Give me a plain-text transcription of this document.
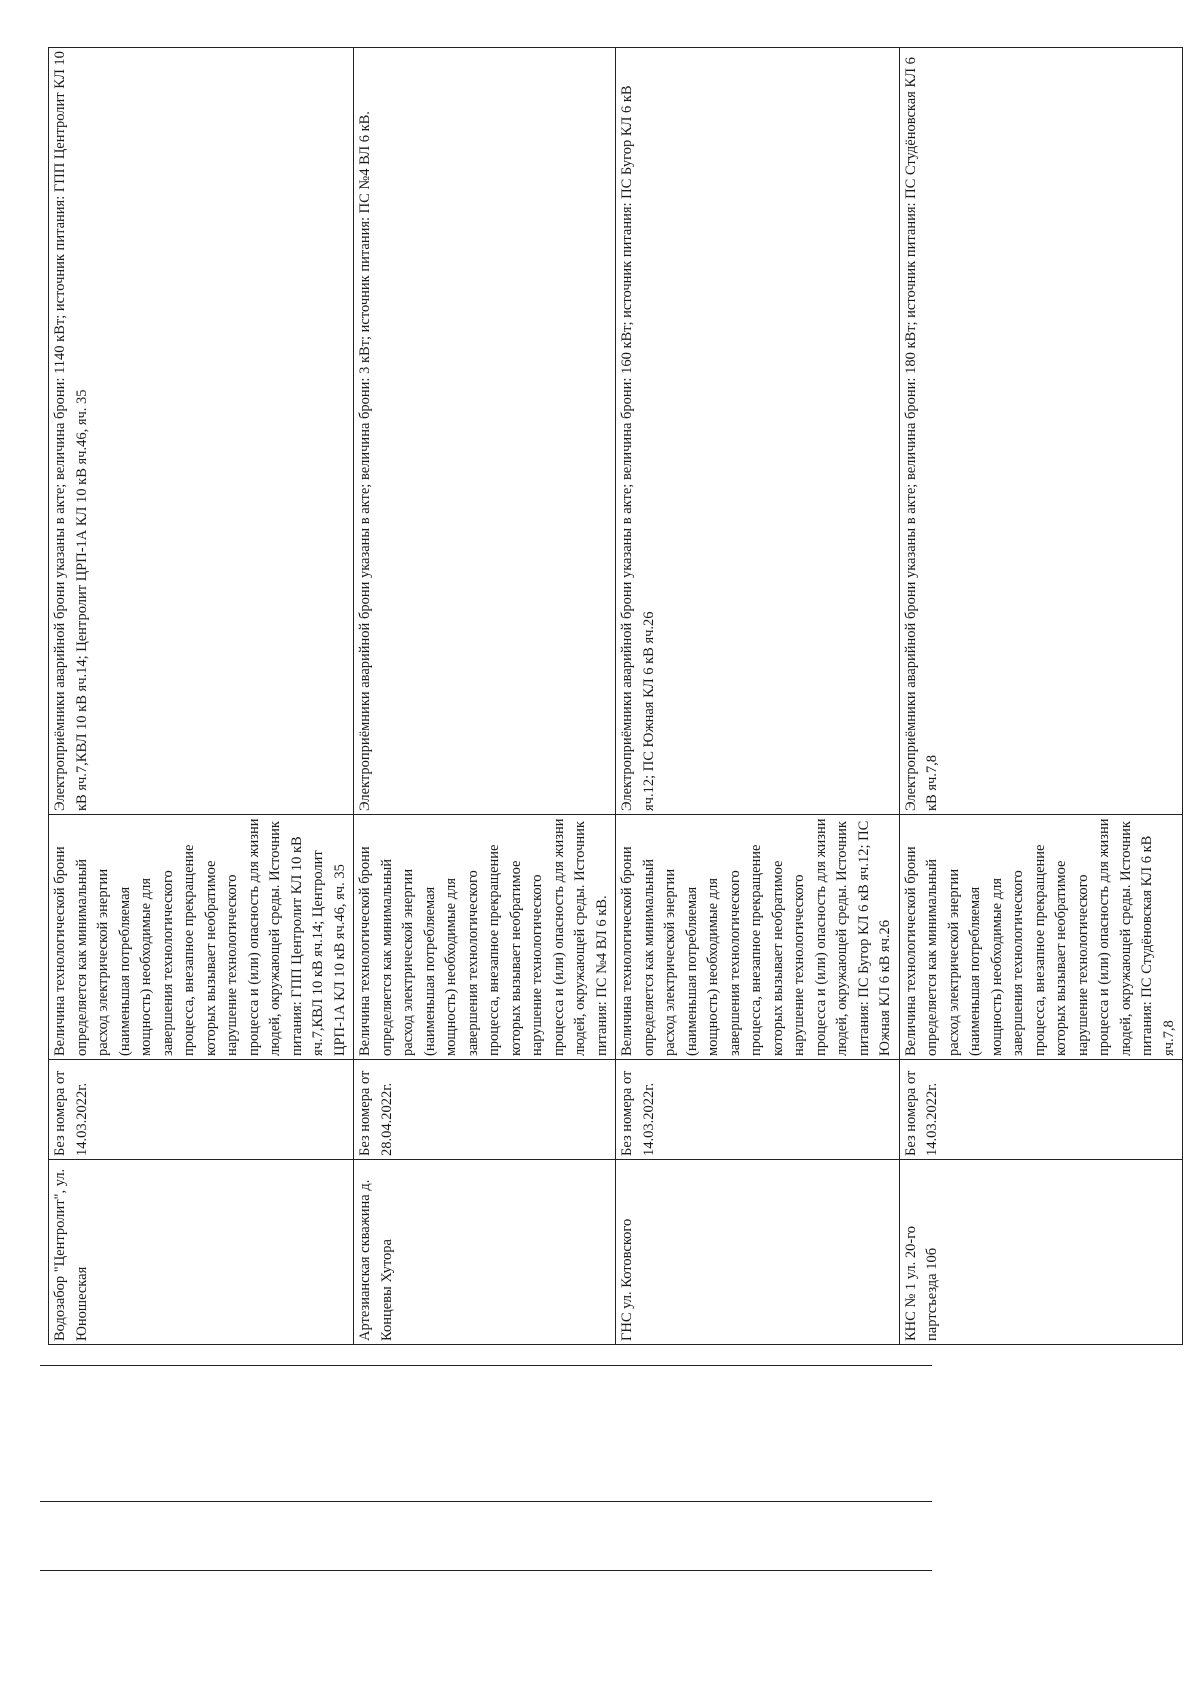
Водозабор "Центролит", ул. Юношеская	Без номера от 14.03.2022г.	Величина технологической брони определяется как минимальный расход электрической энергии (наименьшая потребляемая мощность) необходимые для завершения технологического процесса, внезапное прекращение которых вызывает необратимое нарушение технологического процесса и (или) опасность для жизни людей, окружающей среды. Источник питания: ГПП Центролит КЛ 10 кВ яч.7,КВЛ 10 кВ яч.14; Центролит ЦРП-1А КЛ 10 кВ яч.46, яч. 35	Электроприёмники аварийной брони указаны в акте; величина брони: 1140 кВт; источник питания: ГПП Центролит КЛ 10 кВ яч.7,КВЛ 10 кВ яч.14; Центролит ЦРП-1А КЛ 10 кВ яч.46, яч. 35
Артезианская скважина д. Концевы Хутора	Без номера от 28.04.2022г.	Величина технологической брони определяется как минимальный расход электрической энергии (наименьшая потребляемая мощность) необходимые для завершения технологического процесса, внезапное прекращение которых вызывает необратимое нарушение технологического процесса и (или) опасность для жизни людей, окружающей среды. Источник питания: ПС №4 ВЛ 6 кВ.	Электроприёмники аварийной брони указаны в акте; величина брони: 3 кВт; источник питания: ПС №4 ВЛ 6 кВ.
ГНС ул. Котовского	Без номера от 14.03.2022г.	Величина технологической брони определяется как минимальный расход электрической энергии (наименьшая потребляемая мощность) необходимые для завершения технологического процесса, внезапное прекращение которых вызывает необратимое нарушение технологического процесса и (или) опасность для жизни людей, окружающей среды. Источник питания: ПС Бугор КЛ 6 кВ яч.12; ПС Южная КЛ 6 кВ яч.26	Электроприёмники аварийной брони указаны в акте; величина брони: 160 кВт; источник питания: ПС Бугор КЛ 6 кВ яч.12; ПС Южная КЛ 6 кВ яч.26
КНС № 1 ул. 20-го партсъезда 10б	Без номера от 14.03.2022г.	Величина технологической брони определяется как минимальный расход электрической энергии (наименьшая потребляемая мощность) необходимые для завершения технологического процесса, внезапное прекращение которых вызывает необратимое нарушение технологического процесса и (или) опасность для жизни людей, окружающей среды. Источник питания: ПС Студёновская КЛ 6 кВ яч.7,8	Электроприёмники аварийной брони указаны в акте; величина брони: 180 кВт; источник питания: ПС Студёновская КЛ 6 кВ яч.7,8
